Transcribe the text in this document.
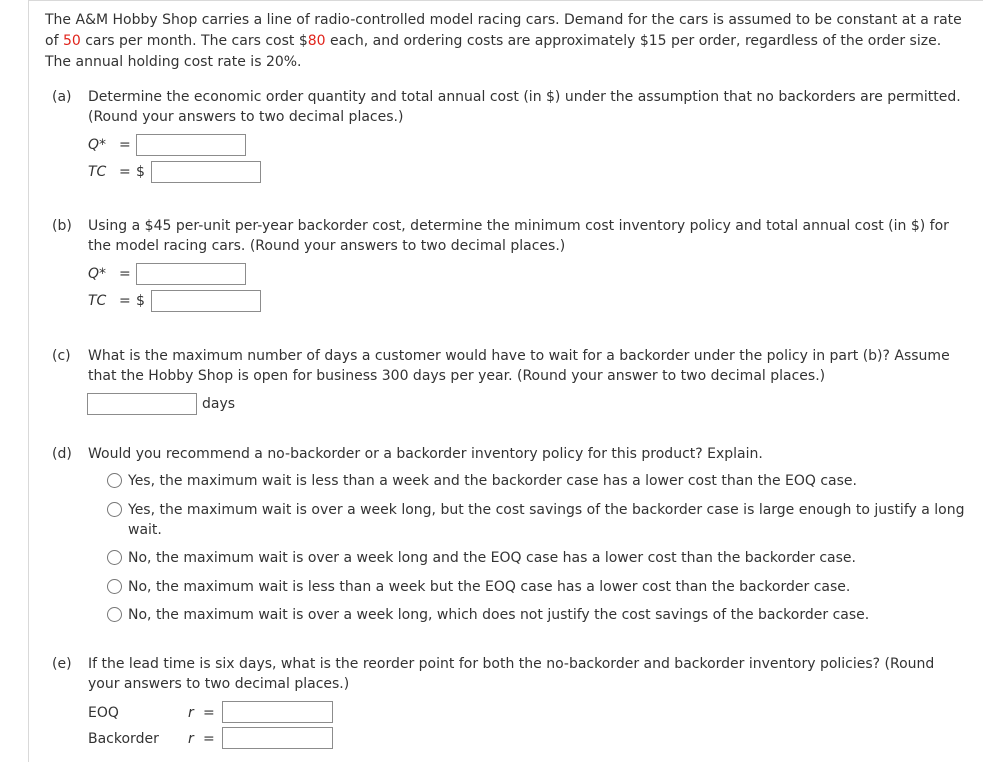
The A&M Hobby Shop carries a line of radio-controlled model racing cars. Demand for the cars is assumed to be constant at a rate of 50 cars per month. The cars cost $80 each, and ordering costs are approximately $15 per order, regardless of the order size. The annual holding cost rate is 20%.
(a) Determine the economic order quantity and total annual cost (in $) under the assumption that no backorders are permitted. (Round your answers to two decimal places.)
Q* =
TC = $
(b) Using a $45 per-unit per-year backorder cost, determine the minimum cost inventory policy and total annual cost (in $) for the model racing cars. (Round your answers to two decimal places.)
Q* =
TC = $
(c) What is the maximum number of days a customer would have to wait for a backorder under the policy in part (b)? Assume that the Hobby Shop is open for business 300 days per year. (Round your answer to two decimal places.)
days
(d) Would you recommend a no-backorder or a backorder inventory policy for this product? Explain.
Yes, the maximum wait is less than a week and the backorder case has a lower cost than the EOQ case.
Yes, the maximum wait is over a week long, but the cost savings of the backorder case is large enough to justify a long wait.
No, the maximum wait is over a week long and the EOQ case has a lower cost than the backorder case.
No, the maximum wait is less than a week but the EOQ case has a lower cost than the backorder case.
No, the maximum wait is over a week long, which does not justify the cost savings of the backorder case.
(e) If the lead time is six days, what is the reorder point for both the no-backorder and backorder inventory policies? (Round your answers to two decimal places.)
EOQ	r =
Backorder r =
